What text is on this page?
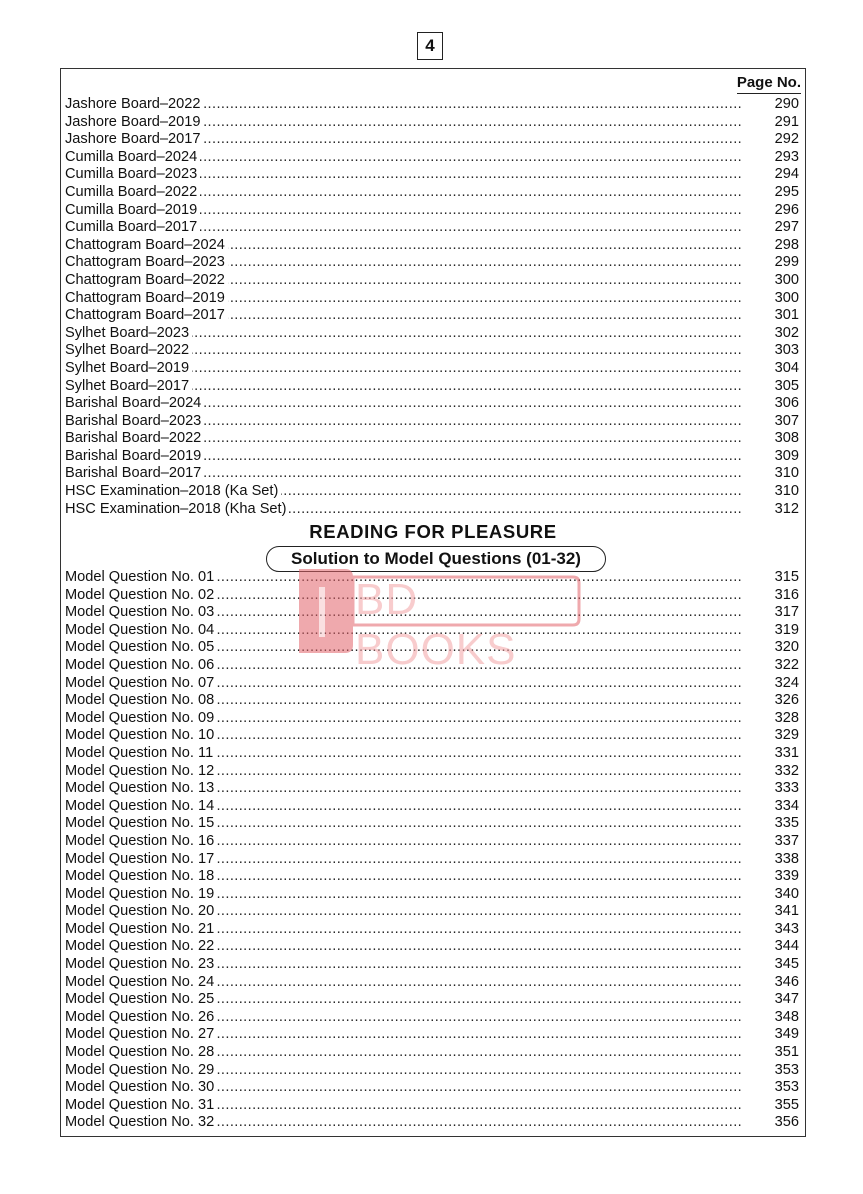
4
Page No.
.....
Jashore Board–2022	290
.....
Jashore Board–2019	291
.....
Jashore Board–2017	292
.....
Cumilla Board–2024	293
.....
Cumilla Board–2023	294
.....
Cumilla Board–2022	295
.....
Cumilla Board–2019	296
.....
Cumilla Board–2017	297
.....
Chattogram Board–2024	298
.....
Chattogram Board–2023	299
.....
Chattogram Board–2022	300
.....
Chattogram Board–2019	300
.....
Chattogram Board–2017	301
.....
Sylhet Board–2023	302
.....
Sylhet Board–2022	303
.....
Sylhet Board–2019	304
.....
Sylhet Board–2017	305
.....
Barishal Board–2024	306
.....
Barishal Board–2023	307
.....
Barishal Board–2022	308
.....
Barishal Board–2019	309
.....
Barishal Board–2017	310
.....
HSC Examination–2018 (Ka Set)	310
.....
HSC Examination–2018 (Kha Set)	312
READING FOR PLEASURE
Solution to Model Questions (01-32)
.....
Model Question No. 01	315
.....
Model Question No. 02	316
.....
Model Question No. 03	317
.....
Model Question No. 04	319
.....
Model Question No. 05	320
.....
Model Question No. 06	322
.....
Model Question No. 07	324
.....
Model Question No. 08	326
.....
Model Question No. 09	328
.....
Model Question No. 10	329
.....
Model Question No. 11	331
.....
Model Question No. 12	332
.....
Model Question No. 13	333
.....
Model Question No. 14	334
.....
Model Question No. 15	335
.....
Model Question No. 16	337
.....
Model Question No. 17	338
.....
Model Question No. 18	339
.....
Model Question No. 19	340
.....
Model Question No. 20	341
.....
Model Question No. 21	343
.....
Model Question No. 22	344
.....
Model Question No. 23	345
.....
Model Question No. 24	346
.....
Model Question No. 25	347
.....
Model Question No. 26	348
.....
Model Question No. 27	349
.....
Model Question No. 28	351
.....
Model Question No. 29	353
.....
Model Question No. 30	353
.....
Model Question No. 31	355
.....
Model Question No. 32	356
BD BOOKS
